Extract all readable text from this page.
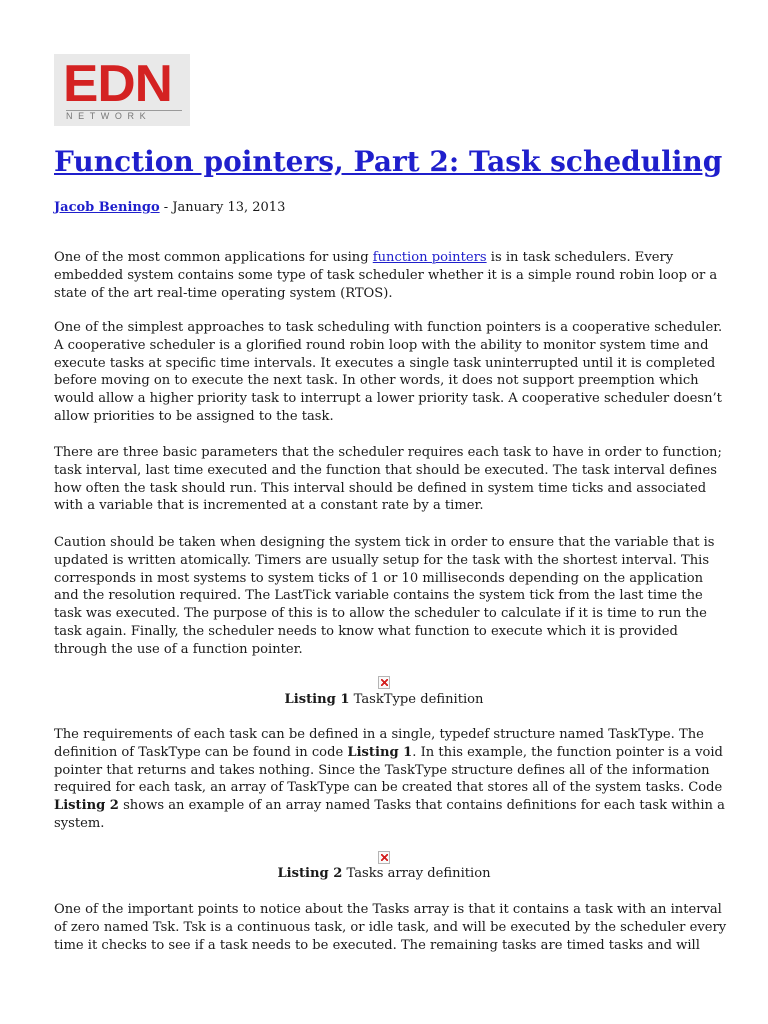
EDN
NETWORK
Function pointers, Part 2: Task scheduling
Jacob Beningo - January 13, 2013

One of the most common applications for using function pointers is in task schedulers. Every
embedded system contains some type of task scheduler whether it is a simple round robin loop or a
state of the art real-time operating system (RTOS).

One of the simplest approaches to task scheduling with function pointers is a cooperative scheduler.
A cooperative scheduler is a glorified round robin loop with the ability to monitor system time and
execute tasks at specific time intervals. It executes a single task uninterrupted until it is completed
before moving on to execute the next task. In other words, it does not support preemption which
would allow a higher priority task to interrupt a lower priority task. A cooperative scheduler doesn’t
allow priorities to be assigned to the task.

There are three basic parameters that the scheduler requires each task to have in order to function;
task interval, last time executed and the function that should be executed. The task interval defines
how often the task should run. This interval should be defined in system time ticks and associated
with a variable that is incremented at a constant rate by a timer.

Caution should be taken when designing the system tick in order to ensure that the variable that is
updated is written atomically. Timers are usually setup for the task with the shortest interval. This
corresponds in most systems to system ticks of 1 or 10 milliseconds depending on the application
and the resolution required. The LastTick variable contains the system tick from the last time the
task was executed. The purpose of this is to allow the scheduler to calculate if it is time to run the
task again. Finally, the scheduler needs to know what function to execute which it is provided
through the use of a function pointer.

Listing 1 TaskType definition

The requirements of each task can be defined in a single, typedef structure named TaskType. The
definition of TaskType can be found in code Listing 1. In this example, the function pointer is a void
pointer that returns and takes nothing. Since the TaskType structure defines all of the information
required for each task, an array of TaskType can be created that stores all of the system tasks. Code
Listing 2 shows an example of an array named Tasks that contains definitions for each task within a
system.

Listing 2 Tasks array definition

One of the important points to notice about the Tasks array is that it contains a task with an interval
of zero named Tsk. Tsk is a continuous task, or idle task, and will be executed by the scheduler every
time it checks to see if a task needs to be executed. The remaining tasks are timed tasks and will
